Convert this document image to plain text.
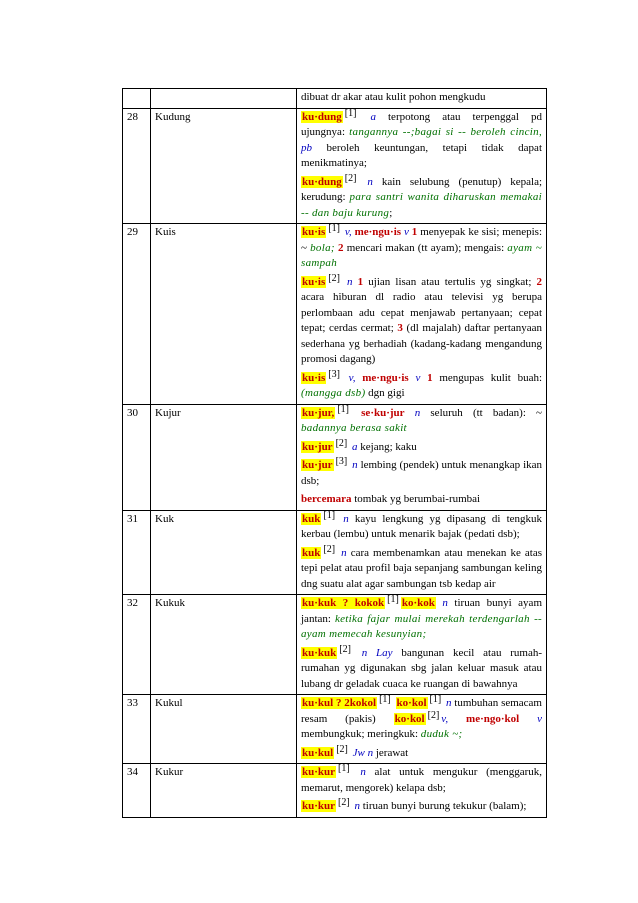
		dibuat dr akar atau kulit pohon mengkudu
28	Kudung	ku·dung [1] a terpotong atau terpenggal pd ujungnya: tangannya --;bagai si -- beroleh cincin, pb beroleh keuntungan, tetapi tidak dapat menikmatinya;
ku·dung [2] n kain selubung (penutup) kepala; kerudung: para santri wanita diharuskan memakai -- dan baju kurung;

29	Kuis	ku·is [1] v, me·ngu·is v 1 menyepak ke sisi; menepis: ~ bola; 2 mencari makan (tt ayam); mengais: ayam ~ sampah
ku·is [2] n 1 ujian lisan atau tertulis yg singkat; 2 acara hiburan dl radio atau televisi yg berupa perlombaan adu cepat menjawab pertanyaan; cepat tepat; cerdas cermat; 3 (dl majalah) daftar pertanyaan sederhana yg berhadiah (kadang-kadang mengandung promosi dagang)
ku·is [3] v, me·ngu·is v 1 mengupas kulit buah: (mangga dsb) dgn gigi

30	Kujur	ku·jur, [1] se·ku·jur n seluruh (tt badan): ~ badannya berasa sakit
ku·jur [2] a kejang; kaku
ku·jur [3] n lembing (pendek) untuk menangkap ikan dsb;
bercemara tombak yg berumbai-rumbai

31	Kuk	kuk [1] n kayu lengkung yg dipasang di tengkuk kerbau (lembu) untuk menarik bajak (pedati dsb);
kuk [2] n cara membenamkan atau menekan ke atas tepi pelat atau profil baja sepanjang sambungan keling dng suatu alat agar sambungan tsb kedap air

32	Kukuk	ku·kuk ? kokok [1] ko·kok n tiruan bunyi ayam jantan: ketika fajar mulai merekah terdengarlah -- ayam memecah kesunyian;
ku·kuk [2] n Lay bangunan kecil atau rumah-rumahan yg digunakan sbg jalan keluar masuk atau lubang dr geladak cuaca ke ruangan di bawahnya

33	Kukul	ku·kul ? 2kokol [1] ko·kol [1] n tumbuhan semacam resam (pakis) ko·kol [2] v, me·ngo·kol v membungkuk; meringkuk: duduk ~;
ku·kul [2] Jw n jerawat

34	Kukur	ku·kur [1] n alat untuk mengukur (menggaruk, memarut, mengorek) kelapa dsb;
ku·kur [2] n tiruan bunyi burung tekukur (balam);
